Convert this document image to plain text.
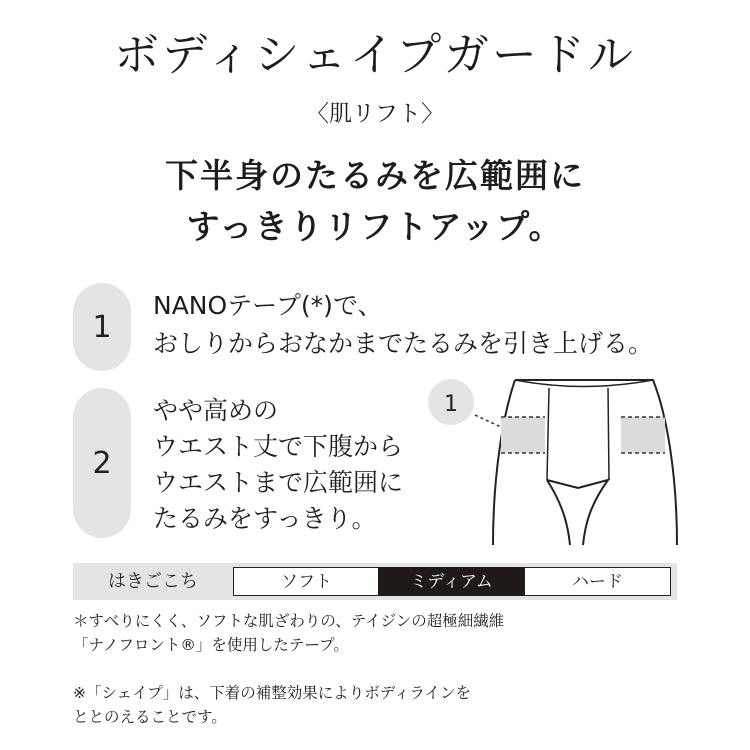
ボディシェイプガードル
〈肌リフト〉
下半身のたるみを広範囲に
すっきりリフトアップ。
1
NANOテープ(*)で、
おしりからおなかまでたるみを引き上げる。
2
やや高めの
ウエスト丈で下腹から
ウエストまで広範囲に
たるみをすっきり。
1
はきごこち	ソフト	ミディアム	ハード
＊すべりにくく、ソフトな肌ざわりの、テイジンの超極細繊維
「ナノフロント®」を使用したテープ。
※「シェイプ」は、下着の補整効果によりボディラインを
ととのえることです。
